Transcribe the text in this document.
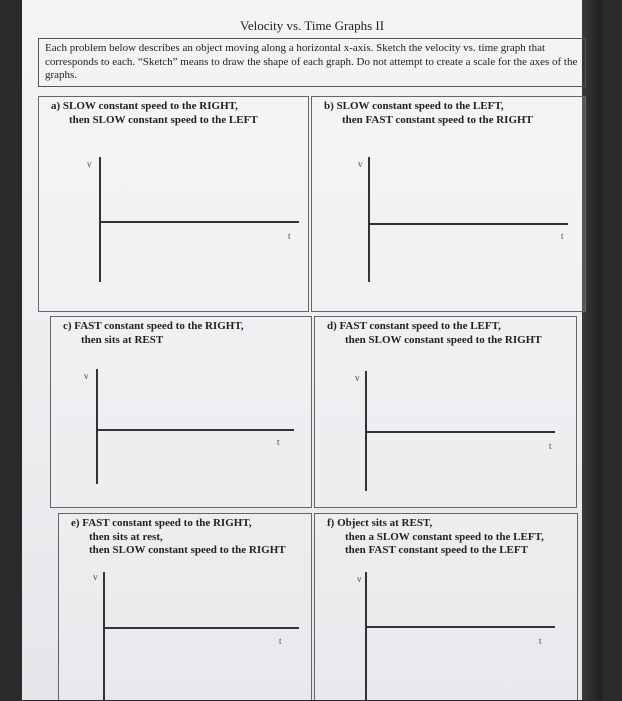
Velocity vs. Time Graphs II
Each problem below describes an object moving along a horizontal x-axis. Sketch the velocity vs. time graph that corresponds to each. “Sketch” means to draw the shape of each graph. Do not attempt to create a scale for the axes of the graphs.
a) SLOW constant speed to the RIGHT,
then SLOW constant speed to the LEFT
v
t
b) SLOW constant speed to the LEFT,
then FAST constant speed to the RIGHT
v
t
c) FAST constant speed to the RIGHT,
then sits at REST
v
t
d) FAST constant speed to the LEFT,
then SLOW constant speed to the RIGHT
v
t
e) FAST constant speed to the RIGHT,
then sits at rest,
then SLOW constant speed to the RIGHT
v
t
f) Object sits at REST,
then a SLOW constant speed to the LEFT,
then FAST constant speed to the LEFT
v
t
